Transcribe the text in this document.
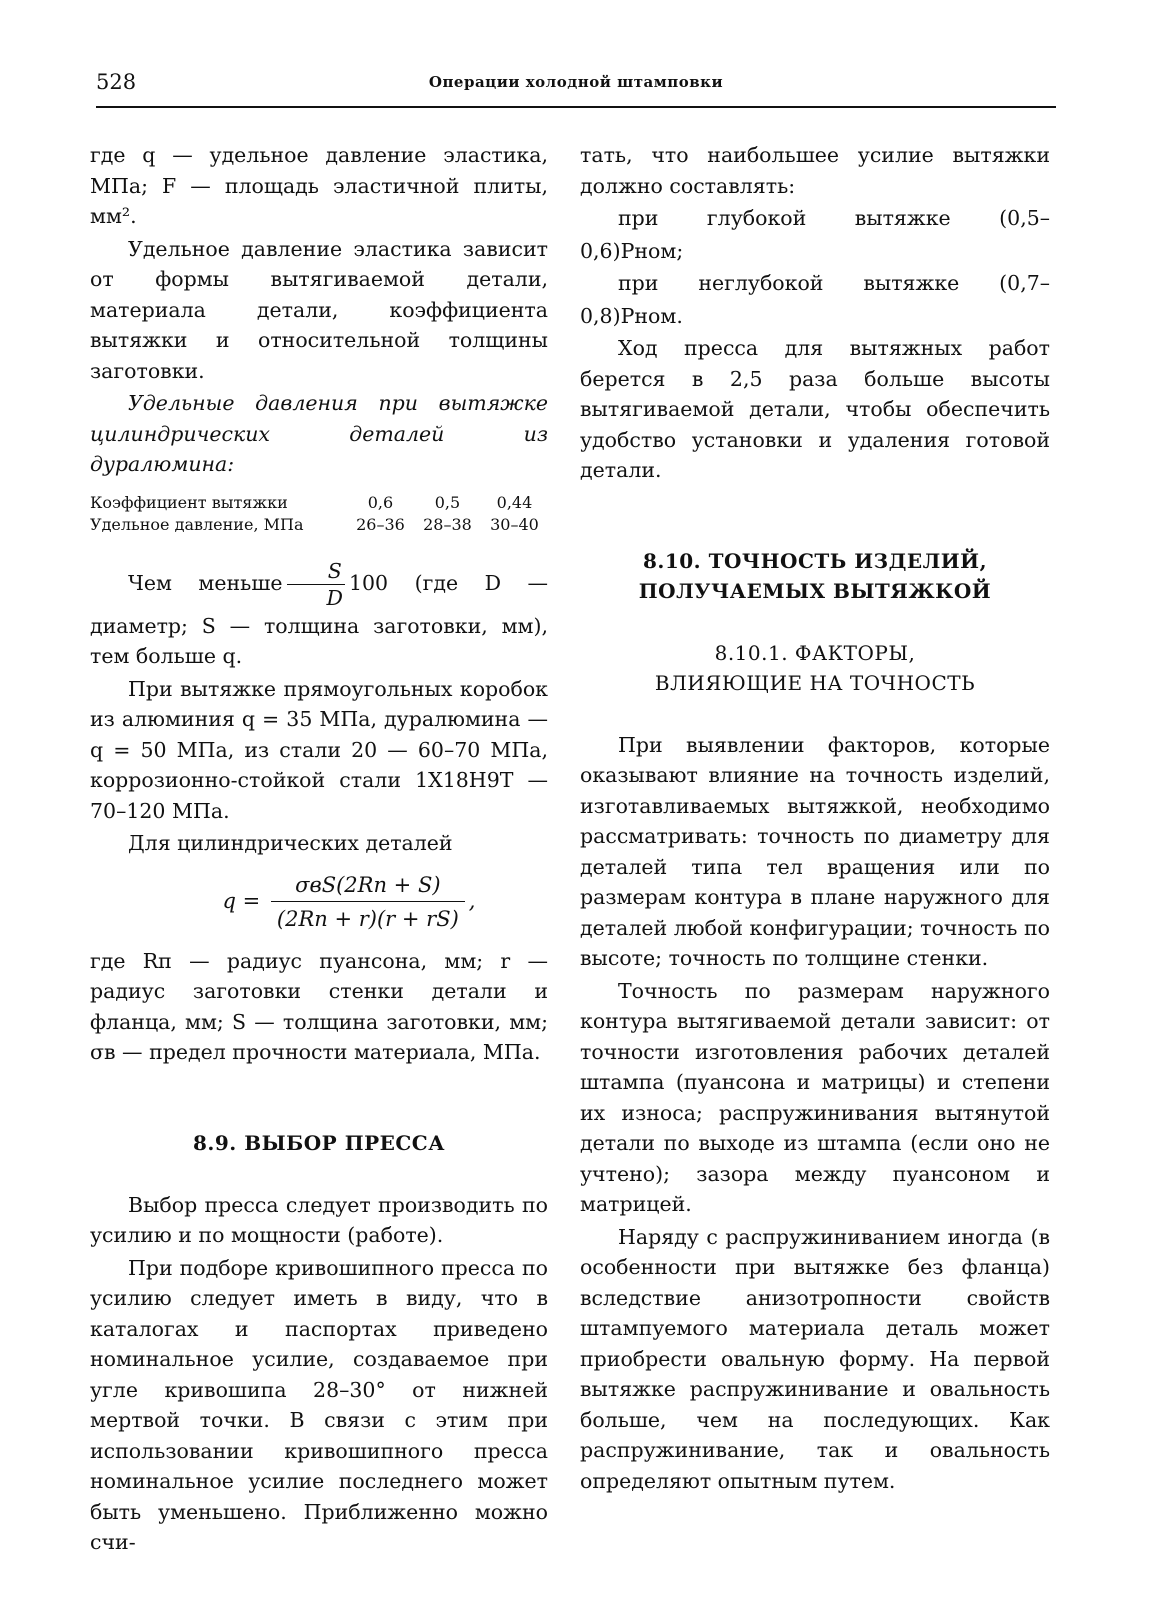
528	Операции холодной штамповки

где q — удельное давление эластика, МПа; F — площадь эластичной плиты, мм².

Удельное давление эластика зависит от формы вытягиваемой детали, материала детали, коэффициента вытяжки и относительной толщины заготовки.

Удельные давления при вытяжке цилиндрических деталей из дуралюмина:

Коэффициент вытяжки	0,6	0,5	0,44
Удельное давление, МПа	26–36	28–38	30–40

Чем меньше $\frac{S}{D} 100$ (где D — диаметр; S — толщина заготовки, мм), тем больше q.

При вытяжке прямоугольных коробок из алюминия q = 35 МПа, дуралюмина — q = 50 МПа, из стали 20 — 60–70 МПа, коррозионно-стойкой стали 1Х18Н9Т — 70–120 МПа.

Для цилиндрических деталей

$q = \frac{\text{σвS(2Rп + S)}}{(2Rп + r)(r + rS)}$ ,

где Rп — радиус пуансона, мм; r — радиус заготовки стенки детали и фланца, мм; S — толщина заготовки, мм; σв — предел прочности материала, МПа.

8.9. ВЫБОР ПРЕССА

Выбор пресса следует производить по усилию и по мощности (работе).

При подборе кривошипного пресса по усилию следует иметь в виду, что в каталогах и паспортах приведено номинальное усилие, создаваемое при угле кривошипа 28–30° от нижней мертвой точки. В связи с этим при использовании кривошипного пресса номинальное усилие последнего может быть уменьшено. Приближенно можно счи-

тать, что наибольшее усилие вытяжки должно составлять:

при глубокой вытяжке (0,5–

0,6)Pном;

при неглубокой вытяжке (0,7–

0,8)Pном.

Ход пресса для вытяжных работ берется в 2,5 раза больше высоты вытягиваемой детали, чтобы обеспечить удобство установки и удаления готовой детали.

8.10. ТОЧНОСТЬ ИЗДЕЛИЙ,
ПОЛУЧАЕМЫХ ВЫТЯЖКОЙ
8.10.1. ФАКТОРЫ,
ВЛИЯЮЩИЕ НА ТОЧНОСТЬ

При выявлении факторов, которые оказывают влияние на точность изделий, изготавливаемых вытяжкой, необходимо рассматривать: точность по диаметру для деталей типа тел вращения или по размерам контура в плане наружного для деталей любой конфигурации; точность по высоте; точность по толщине стенки.

Точность по размерам наружного контура вытягиваемой детали зависит: от точности изготовления рабочих деталей штампа (пуансона и матрицы) и степени их износа; распружинивания вытянутой детали по выходе из штампа (если оно не учтено); зазора между пуансоном и матрицей.

Наряду с распружиниванием иногда (в особенности при вытяжке без фланца) вследствие анизотропности свойств штампуемого материала деталь может приобрести овальную форму. На первой вытяжке распружинивание и овальность больше, чем на последующих. Как распружинивание, так и овальность определяют опытным путем.
